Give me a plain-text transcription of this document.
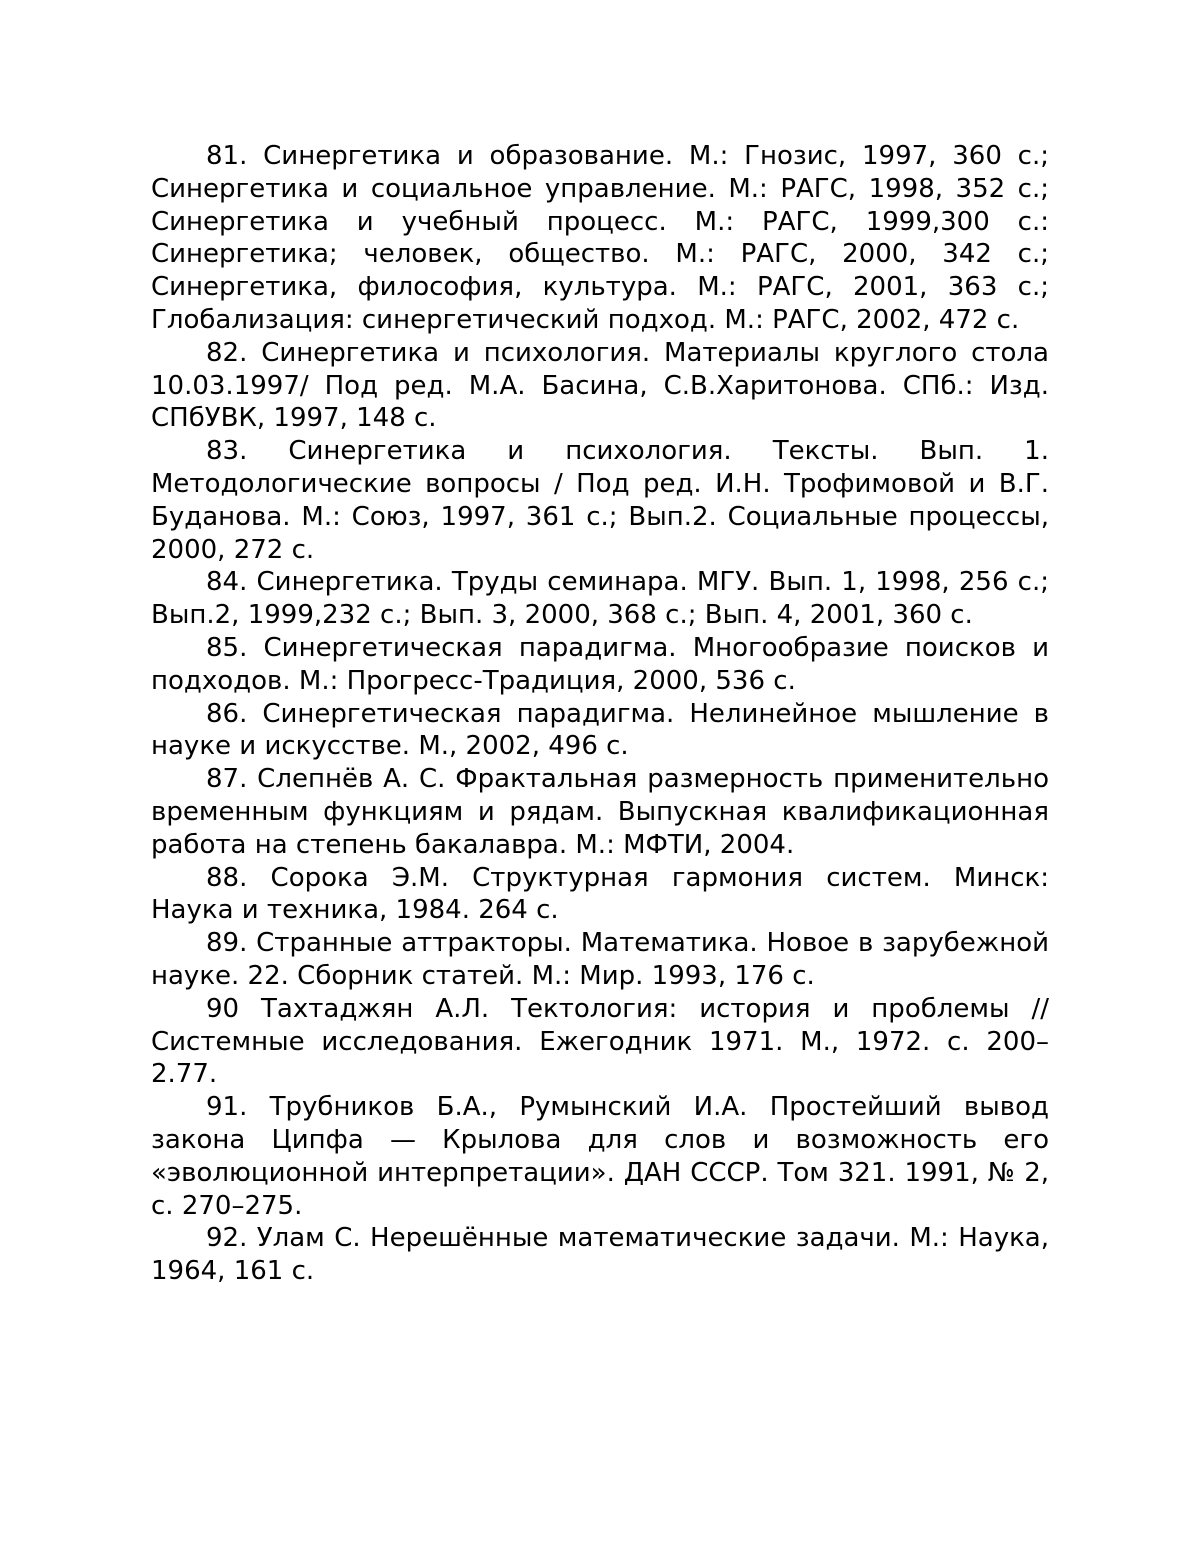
81. Синергетика и образование. М.: Гнозис, 1997, 360 с.; Синергетика и социальное управление. М.: РАГС, 1998, 352 с.; Синергетика и учебный процесс. М.: РАГС, 1999,300 с.: Синергетика; человек, общество. М.: РАГС, 2000, 342 с.; Синергетика, философия, культура. М.: РАГС, 2001, 363 с.; Глобализация: синергетический подход. М.: РАГС, 2002, 472 с.

82. Синергетика и психология. Материалы круглого стола 10.03.1997/ Под ред. М.А. Басина, С.В.Харитонова. СПб.: Изд. СПбУВК, 1997, 148 с.

83. Синергетика и психология. Тексты. Вып. 1. Методологические вопросы / Под ред. И.Н. Трофимовой и В.Г. Буданова. М.: Союз, 1997, 361 с.; Вып.2. Социальные процессы, 2000, 272 с.

84. Синергетика. Труды семинара. МГУ. Вып. 1, 1998, 256 с.; Вып.2, 1999,232 с.; Вып. 3, 2000, 368 с.; Вып. 4, 2001, 360 с.

85. Синергетическая парадигма. Многообразие поисков и подходов. М.: Прогресс-Традиция, 2000, 536 с.

86. Синергетическая парадигма. Нелинейное мышление в науке и искусстве. М., 2002, 496 с.

87. Слепнёв А. С. Фрактальная размерность применительно временным функциям и рядам. Выпускная квалификационная работа на степень бакалавра. М.: МФТИ, 2004.

88. Сорока Э.М. Структурная гармония систем. Минск: Наука и техника, 1984. 264 с.

89. Странные аттракторы. Математика. Новое в зарубежной науке. 22. Сборник статей. М.: Мир. 1993, 176 с.

90 Тахтаджян А.Л. Тектология: история и проблемы // Системные исследования. Ежегодник 1971. М., 1972. с. 200–2.77.

91. Трубников Б.А., Румынский И.А. Простейший вывод закона Ципфа — Крылова для слов и возможность его «эволюционной интерпретации». ДАН СССР. Том 321. 1991, № 2, с. 270–275.

92. Улам С. Нерешённые математические задачи. М.: Наука, 1964, 161 с.
